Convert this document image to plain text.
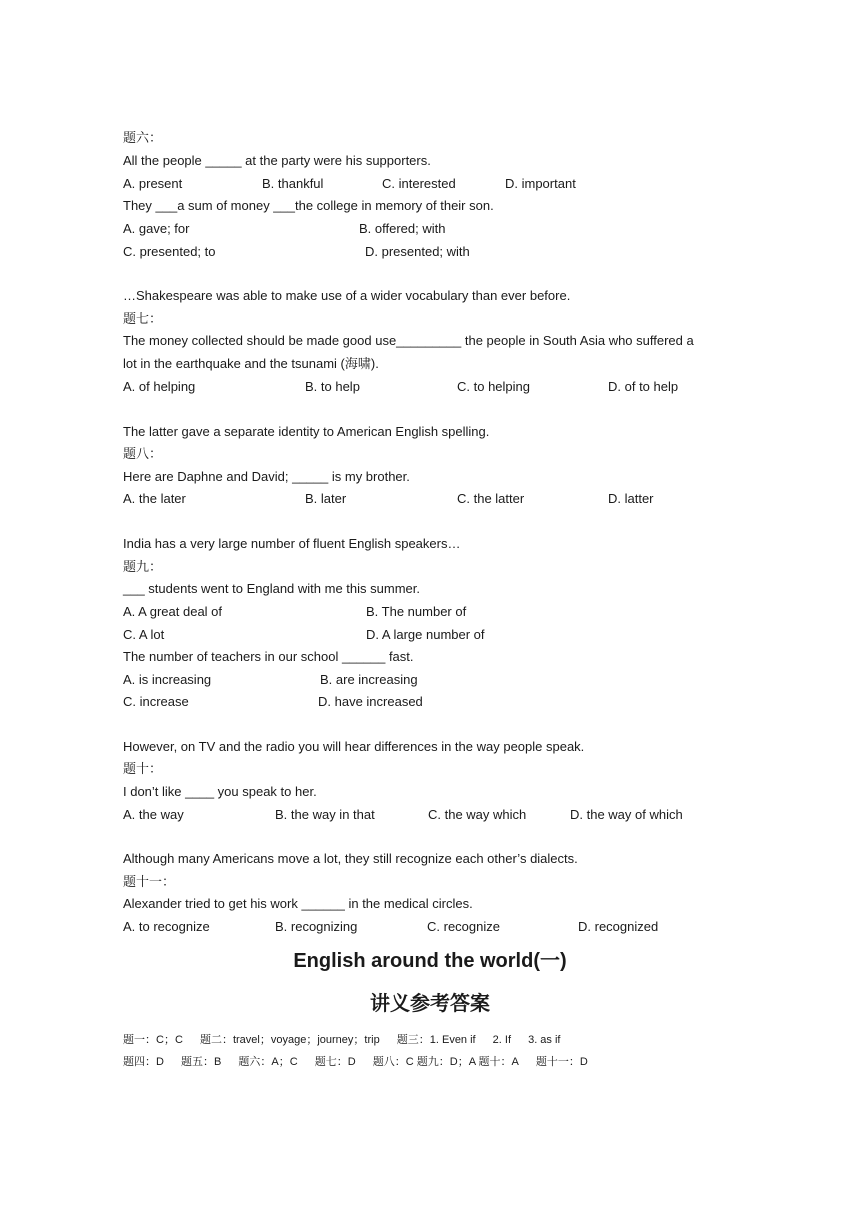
题六：
All the people _____ at the party were his supporters.
A. present	B. thankful	C. interested	D. important
They ___a sum of money ___the college in memory of their son.
A. gave; for	B. offered; with
C. presented; to	D. presented; with
…Shakespeare was able to make use of a wider vocabulary than ever before.
题七：
The money collected should be made good use_________ the people in South Asia who suffered a
lot in the earthquake and the tsunami (海啸).
A. of helping	B. to help	C. to helping	D. of to help
The latter gave a separate identity to American English spelling.
题八：
Here are Daphne and David; _____ is my brother.
A. the later	B. later	C. the latter	D. latter
India has a very large number of fluent English speakers…
题九：
___ students went to England with me this summer.
A. A great deal of	B. The number of
C. A lot	D. A large number of
The number of teachers in our school ______ fast.
A. is increasing	B. are increasing
C. increase	D. have increased
However, on TV and the radio you will hear differences in the way people speak.
题十：
I don’t like ____ you speak to her.
A. the way	B. the way in that	C. the way which	D. the way of which
Although many Americans move a lot, they still recognize each other’s dialects.
题十一：
Alexander tried to get his work ______ in the medical circles.
A. to recognize	B. recognizing	C. recognize	D. recognized
English around the world(一)
讲义参考答案
题一：C；C 题二：travel；voyage；journey；trip 题三：1. Even if 2. If 3. as if
题四：D 题五：B 题六：A；C 题七：D 题八：C 题九：D；A 题十：A 题十一：D
